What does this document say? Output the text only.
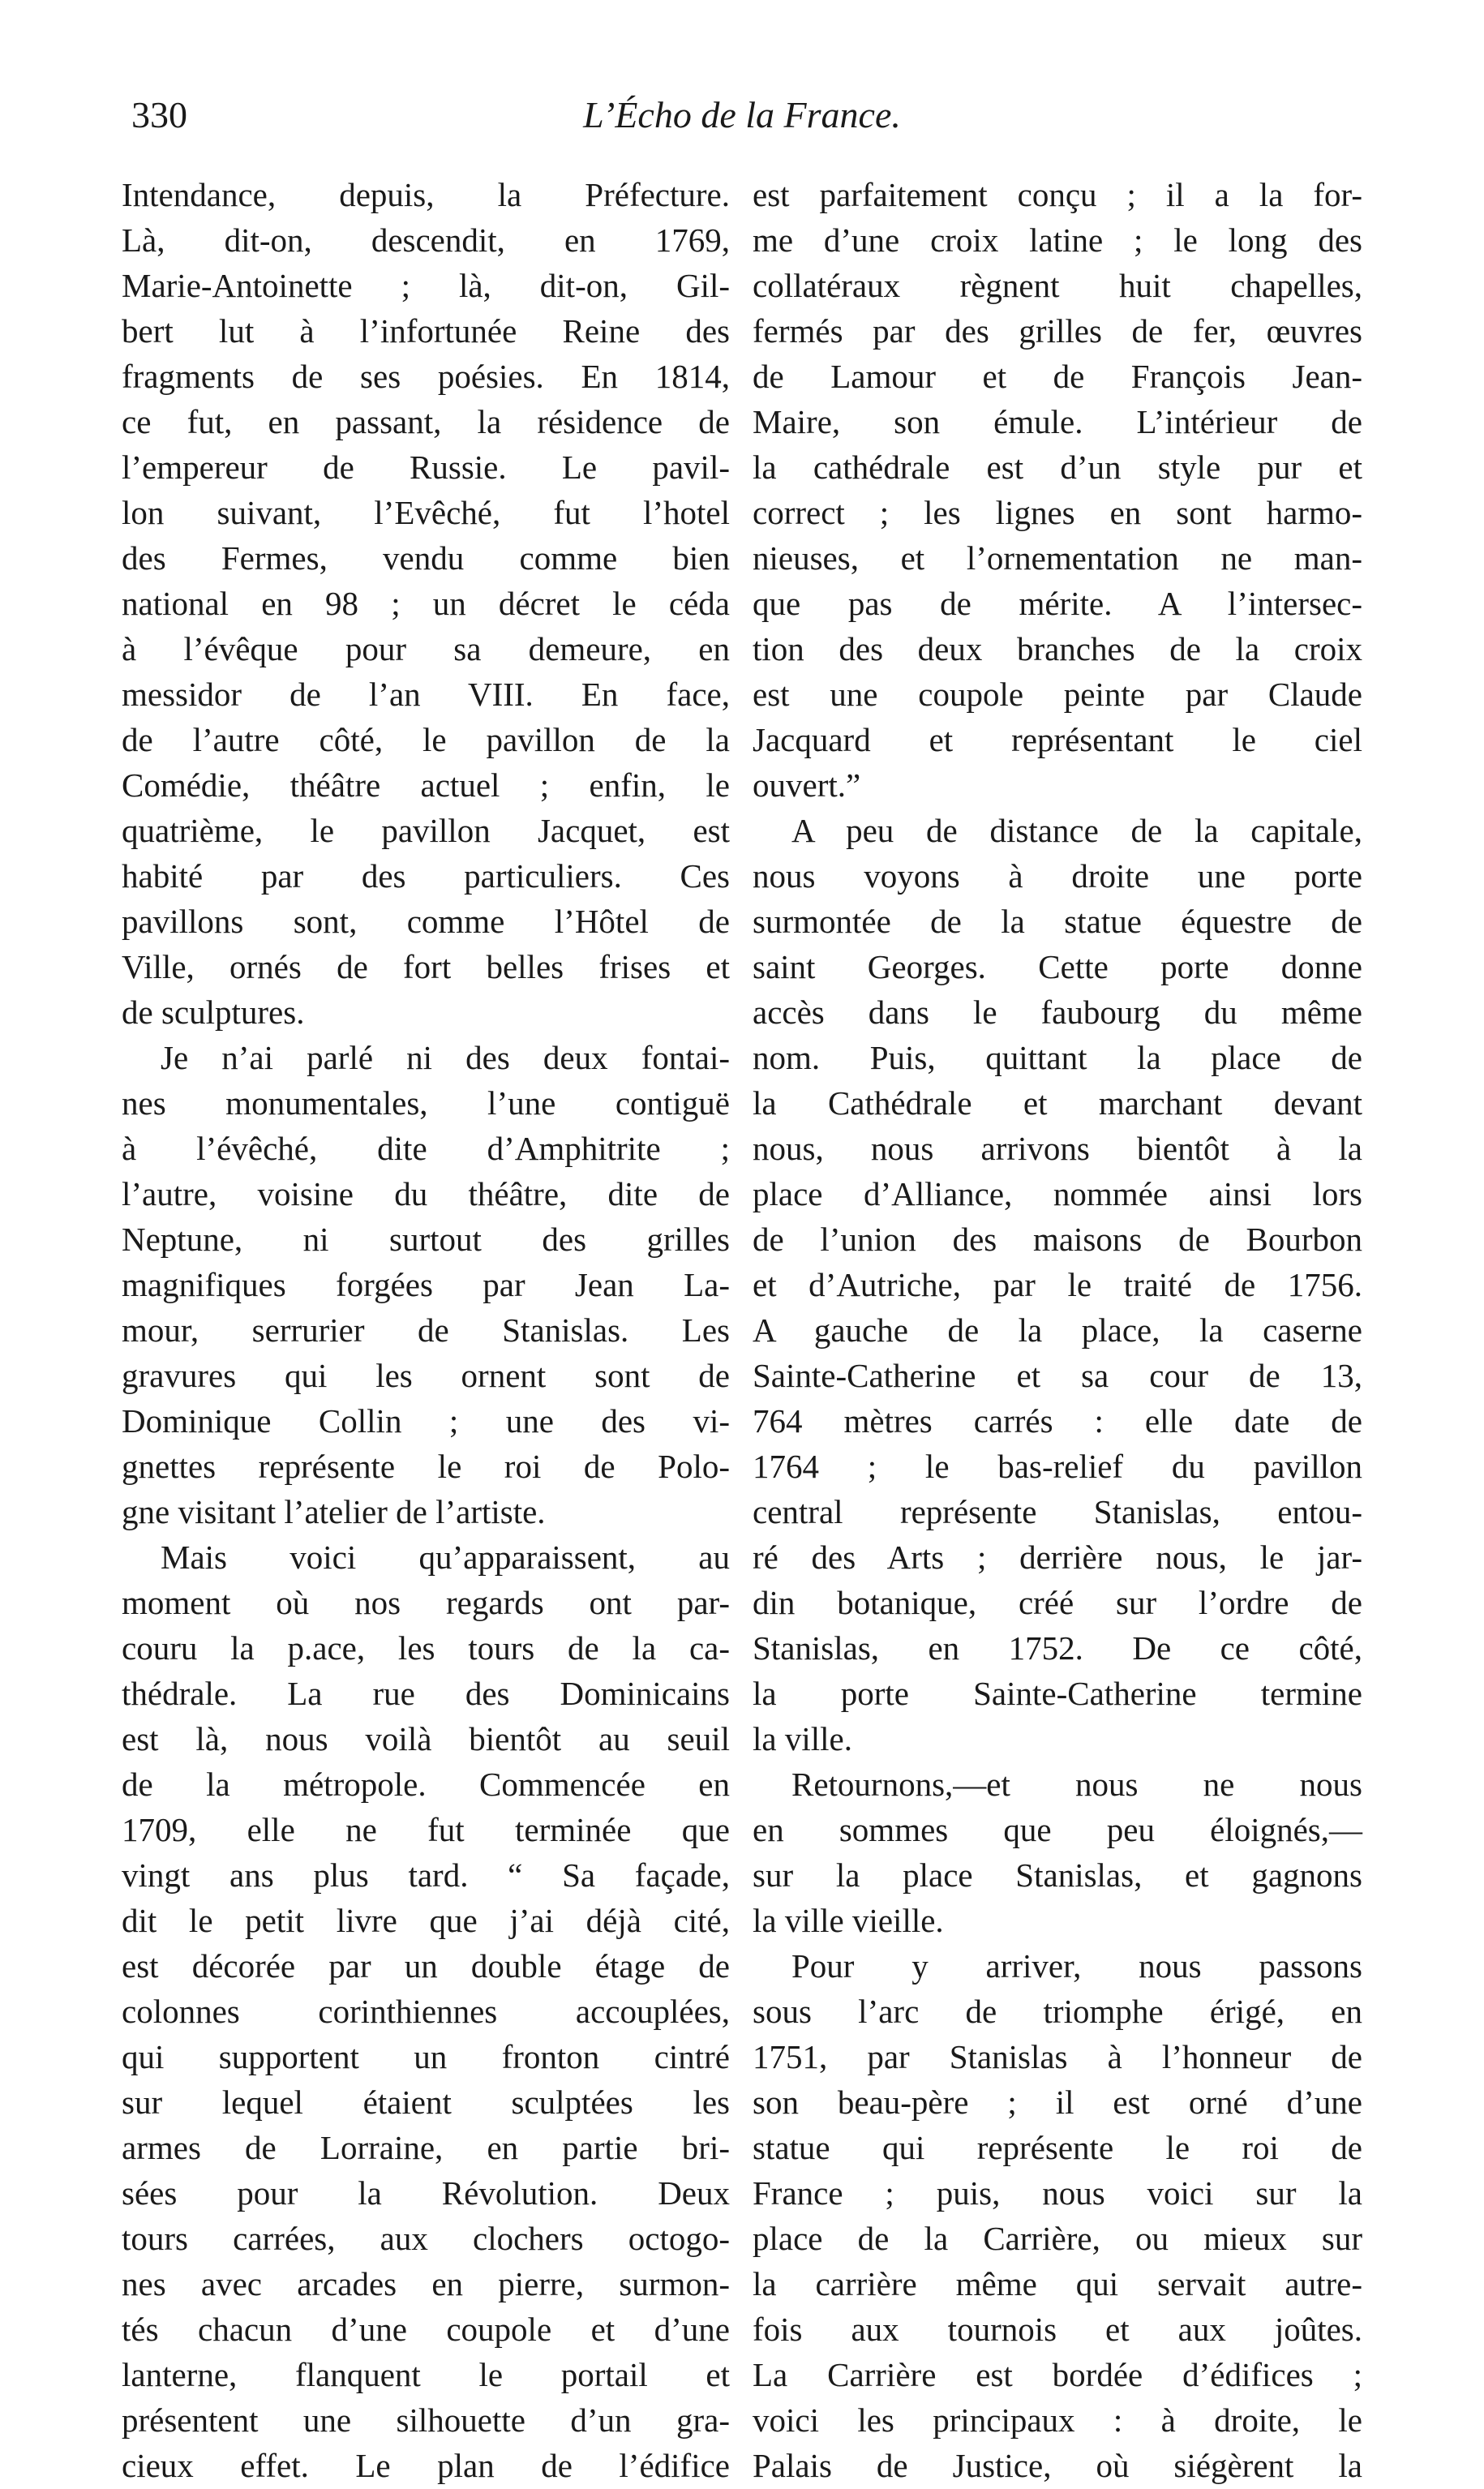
330	L’Écho de la France.
Intendance, depuis, la Préfecture.
Là, dit-on, descendit, en 1769,
Marie-Antoinette ; là, dit-on, Gil-
bert lut à l’infortunée Reine des
fragments de ses poésies. En 1814,
ce fut, en passant, la résidence de
l’empereur de Russie. Le pavil-
lon suivant, l’Evêché, fut l’hotel
des Fermes, vendu comme bien
national en 98 ; un décret le céda
à l’évêque pour sa demeure, en
messidor de l’an VIII. En face,
de l’autre côté, le pavillon de la
Comédie, théâtre actuel ; enfin, le
quatrième, le pavillon Jacquet, est
habité par des particuliers. Ces
pavillons sont, comme l’Hôtel de
Ville, ornés de fort belles frises et
de sculptures.
Je n’ai parlé ni des deux fontai-
nes monumentales, l’une contiguë
à l’évêché, dite d’Amphitrite ;
l’autre, voisine du théâtre, dite de
Neptune, ni surtout des grilles
magnifiques forgées par Jean La-
mour, serrurier de Stanislas. Les
gravures qui les ornent sont de
Dominique Collin ; une des vi-
gnettes représente le roi de Polo-
gne visitant l’atelier de l’artiste.
Mais voici qu’apparaissent, au
moment où nos regards ont par-
couru la p.ace, les tours de la ca-
thédrale. La rue des Dominicains
est là, nous voilà bientôt au seuil
de la métropole. Commencée en
1709, elle ne fut terminée que
vingt ans plus tard. “ Sa façade,
dit le petit livre que j’ai déjà cité,
est décorée par un double étage de
colonnes corinthiennes accouplées,
qui supportent un fronton cintré
sur lequel étaient sculptées les
armes de Lorraine, en partie bri-
sées pour la Révolution. Deux
tours carrées, aux clochers octogo-
nes avec arcades en pierre, surmon-
tés chacun d’une coupole et d’une
lanterne, flanquent le portail et
présentent une silhouette d’un gra-
cieux effet. Le plan de l’édifice
est parfaitement conçu ; il a la for-
me d’une croix latine ; le long des
collatéraux règnent huit chapelles,
fermés par des grilles de fer, œuvres
de Lamour et de François Jean-
Maire, son émule. L’intérieur de
la cathédrale est d’un style pur et
correct ; les lignes en sont harmo-
nieuses, et l’ornementation ne man-
que pas de mérite. A l’intersec-
tion des deux branches de la croix
est une coupole peinte par Claude
Jacquard et représentant le ciel
ouvert.”
A peu de distance de la capitale,
nous voyons à droite une porte
surmontée de la statue équestre de
saint Georges. Cette porte donne
accès dans le faubourg du même
nom. Puis, quittant la place de
la Cathédrale et marchant devant
nous, nous arrivons bientôt à la
place d’Alliance, nommée ainsi lors
de l’union des maisons de Bourbon
et d’Autriche, par le traité de 1756.
A gauche de la place, la caserne
Sainte-Catherine et sa cour de 13,
764 mètres carrés : elle date de
1764 ; le bas-relief du pavillon
central représente Stanislas, entou-
ré des Arts ; derrière nous, le jar-
din botanique, créé sur l’ordre de
Stanislas, en 1752. De ce côté,
la porte Sainte-Catherine termine
la ville.
Retournons,—et nous ne nous
en sommes que peu éloignés,—
sur la place Stanislas, et gagnons
la ville vieille.
Pour y arriver, nous passons
sous l’arc de triomphe érigé, en
1751, par Stanislas à l’honneur de
son beau-père ; il est orné d’une
statue qui représente le roi de
France ; puis, nous voici sur la
place de la Carrière, ou mieux sur
la carrière même qui servait autre-
fois aux tournois et aux joûtes.
La Carrière est bordée d’édifices ;
voici les principaux : à droite, le
Palais de Justice, où siégèrent la
